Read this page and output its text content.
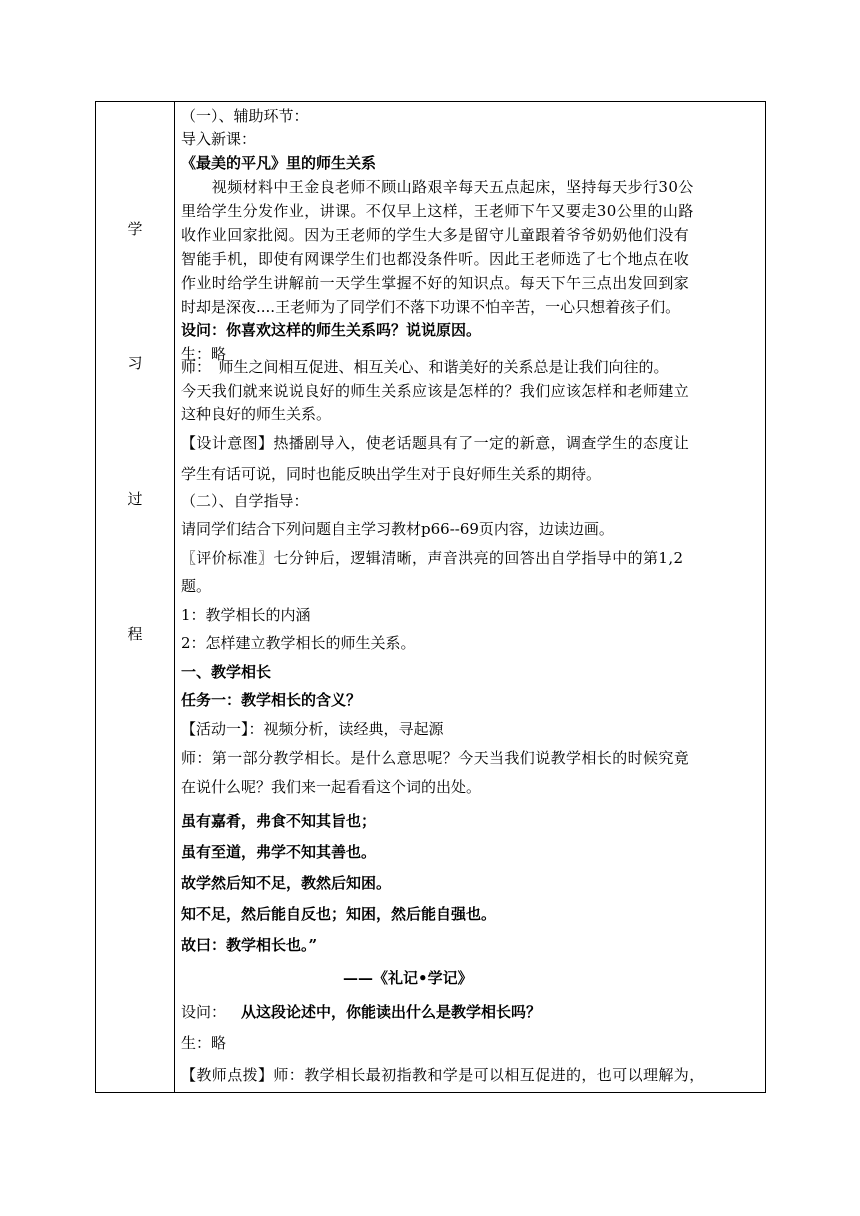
学
习
过
程
（一）、辅助环节：
导入新课：
《最美的平凡》里的师生关系
　　视频材料中王金良老师不顾山路艰辛每天五点起床，坚持每天步行30公
里给学生分发作业，讲课。不仅早上这样，王老师下午又要走30公里的山路
收作业回家批阅。因为王老师的学生大多是留守儿童跟着爷爷奶奶他们没有
智能手机，即使有网课学生们也都没条件听。因此王老师选了七个地点在收
作业时给学生讲解前一天学生掌握不好的知识点。每天下午三点出发回到家
时却是深夜....王老师为了同学们不落下功课不怕辛苦，一心只想着孩子们。
设问：你喜欢这样的师生关系吗？说说原因。
生：略
师：　师生之间相互促进、相互关心、和谐美好的关系总是让我们向往的。
今天我们就来说说良好的师生关系应该是怎样的？我们应该怎样和老师建立
这种良好的师生关系。
【设计意图】热播剧导入，使老话题具有了一定的新意，调查学生的态度让
学生有话可说，同时也能反映出学生对于良好师生关系的期待。
（二）、自学指导：
请同学们结合下列问题自主学习教材p66--69页内容，边读边画。
〖评价标准〗七分钟后，逻辑清晰，声音洪亮的回答出自学指导中的第1,2
题。
1：教学相长的内涵
2：怎样建立教学相长的师生关系。
一、教学相长
任务一：教学相长的含义？
【活动一】：视频分析，读经典，寻起源
师：第一部分教学相长。是什么意思呢？今天当我们说教学相长的时候究竟
在说什么呢？我们来一起看看这个词的出处。
虽有嘉肴，弗食不知其旨也；
虽有至道，弗学不知其善也。
故学然后知不足，教然后知困。
知不足，然后能自反也；知困，然后能自强也。
故曰：教学相长也。”
——《礼记•学记》
设问： 从这段论述中，你能读出什么是教学相长吗？
生：略
【教师点拨】师：教学相长最初指教和学是可以相互促进的，也可以理解为，
